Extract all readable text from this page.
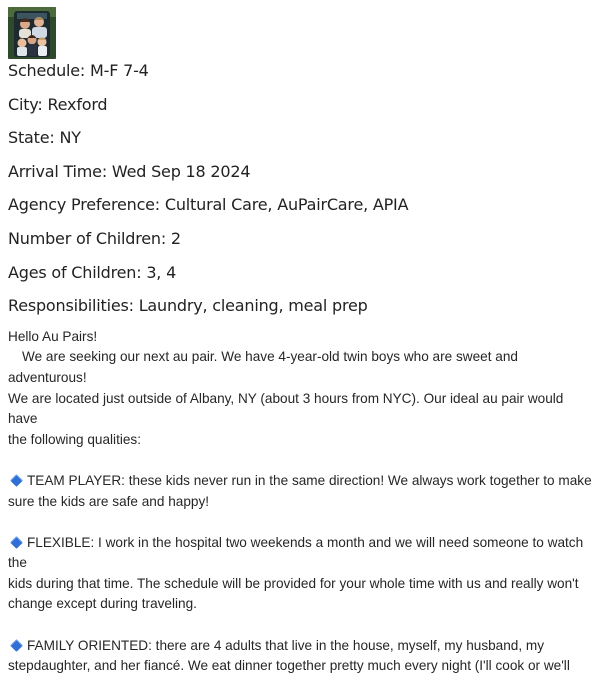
Schedule: M-F 7-4
City: Rexford
State: NY
Arrival Time: Wed Sep 18 2024
Agency Preference: Cultural Care, AuPairCare, APIA
Number of Children: 2
Ages of Children: 3, 4
Responsibilities: Laundry, cleaning, meal prep

Hello Au Pairs!

We are seeking our next au pair. We have 4-year-old twin boys who are sweet and adventurous!

We are located just outside of Albany, NY (about 3 hours from NYC). Our ideal au pair would have

the following qualities:

TEAM PLAYER: these kids never run in the same direction! We always work together to make

sure the kids are safe and happy!

FLEXIBLE: I work in the hospital two weekends a month and we will need someone to watch the

kids during that time. The schedule will be provided for your whole time with us and really won't

change except during traveling.

FAMILY ORIENTED: there are 4 adults that live in the house, myself, my husband, my

stepdaughter, and her fiancé. We eat dinner together pretty much every night (I'll cook or we'll
